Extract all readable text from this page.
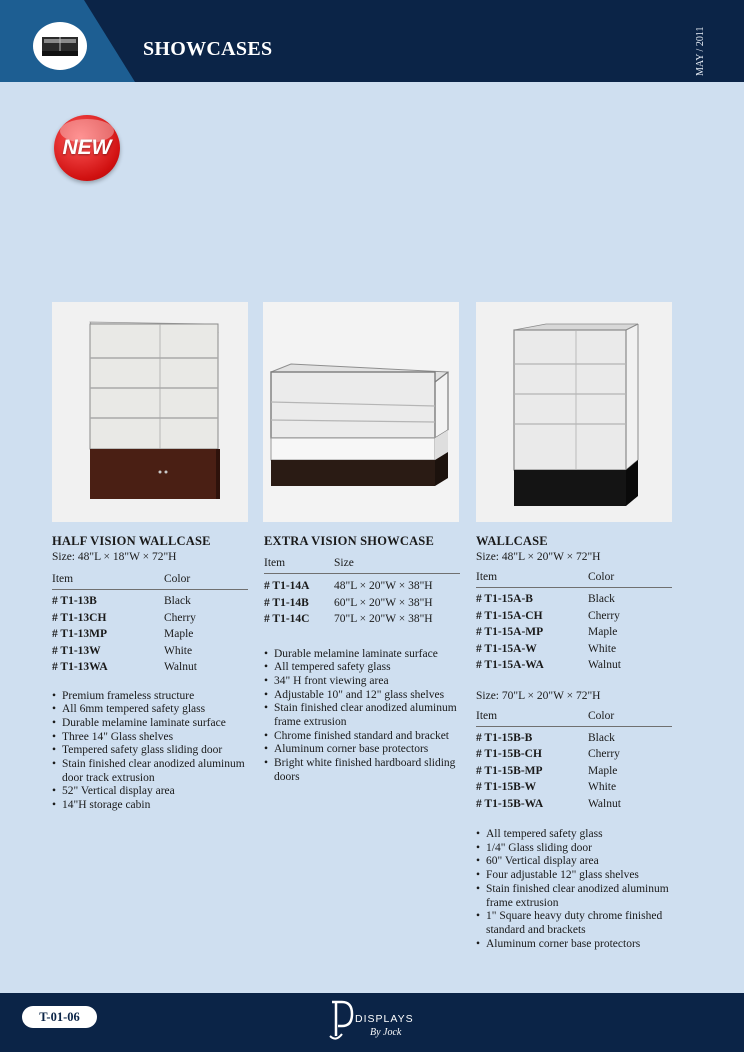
SHOWCASES	MAY / 2011
NEW
HALF VISION WALLCASE
Size: 48"L × 18"W × 72"H
Item	Color
# T1-13B	Black
# T1-13CH	Cherry
# T1-13MP	Maple
# T1-13W	White
# T1-13WA	Walnut
• Premium frameless structure
• All 6mm tempered safety glass
• Durable melamine laminate surface
• Three 14" Glass shelves
• Tempered safety glass sliding door
• Stain finished clear anodized aluminum door track extrusion
• 52" Vertical display area
• 14"H storage cabin
EXTRA VISION SHOWCASE
Item	Size
# T1-14A	48"L × 20"W × 38"H
# T1-14B	60"L × 20"W × 38"H
# T1-14C	70"L × 20"W × 38"H
• Durable melamine laminate surface
• All tempered safety glass
• 34" H front viewing area
• Adjustable 10" and 12" glass shelves
• Stain finished clear anodized aluminum frame extrusion
• Chrome finished standard and bracket
• Aluminum corner base protectors
• Bright white finished hardboard sliding doors
WALLCASE
Size: 48"L × 20"W × 72"H
Item	Color
# T1-15A-B	Black
# T1-15A-CH	Cherry
# T1-15A-MP	Maple
# T1-15A-W	White
# T1-15A-WA	Walnut
Size: 70"L × 20"W × 72"H
Item	Color
# T1-15B-B	Black
# T1-15B-CH	Cherry
# T1-15B-MP	Maple
# T1-15B-W	White
# T1-15B-WA	Walnut
• All tempered safety glass
• 1/4" Glass sliding door
• 60" Vertical display area
• Four adjustable 12" glass shelves
• Stain finished clear anodized aluminum frame extrusion
• 1" Square heavy duty chrome finished standard and brackets
• Aluminum corner base protectors
T-01-06	DISPLAYS
By Jock
